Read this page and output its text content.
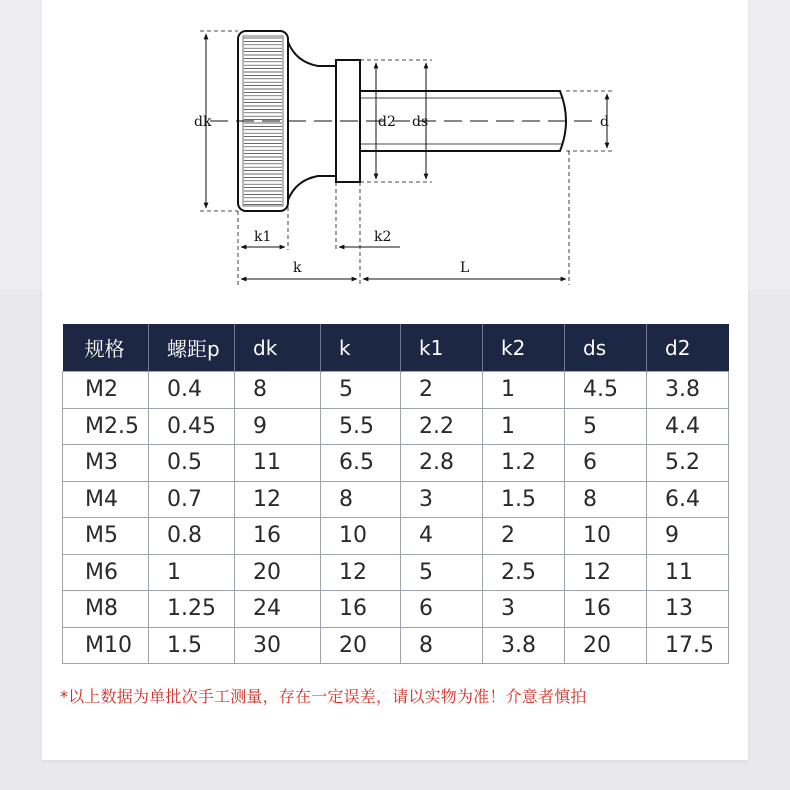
dk	ds
d2	d
k1	k2
k	L
规格	螺距p	dk	k	k1	k2	ds	d2
M2	0.4	8	5	2	1	4.5	3.8
M2.5	0.45	9	5.5	2.2	1	5	4.4
M3	0.5	11	6.5	2.8	1.2	6	5.2
M4	0.7	12	8	3	1.5	8	6.4
M5	0.8	16	10	4	2	10	9
M6	1	20	12	5	2.5	12	11
M8	1.25	24	16	6	3	16	13
M10	1.5	30	20	8	3.8	20	17.5
*以上数据为单批次手工测量，存在一定误差，请以实物为准！介意者慎拍
